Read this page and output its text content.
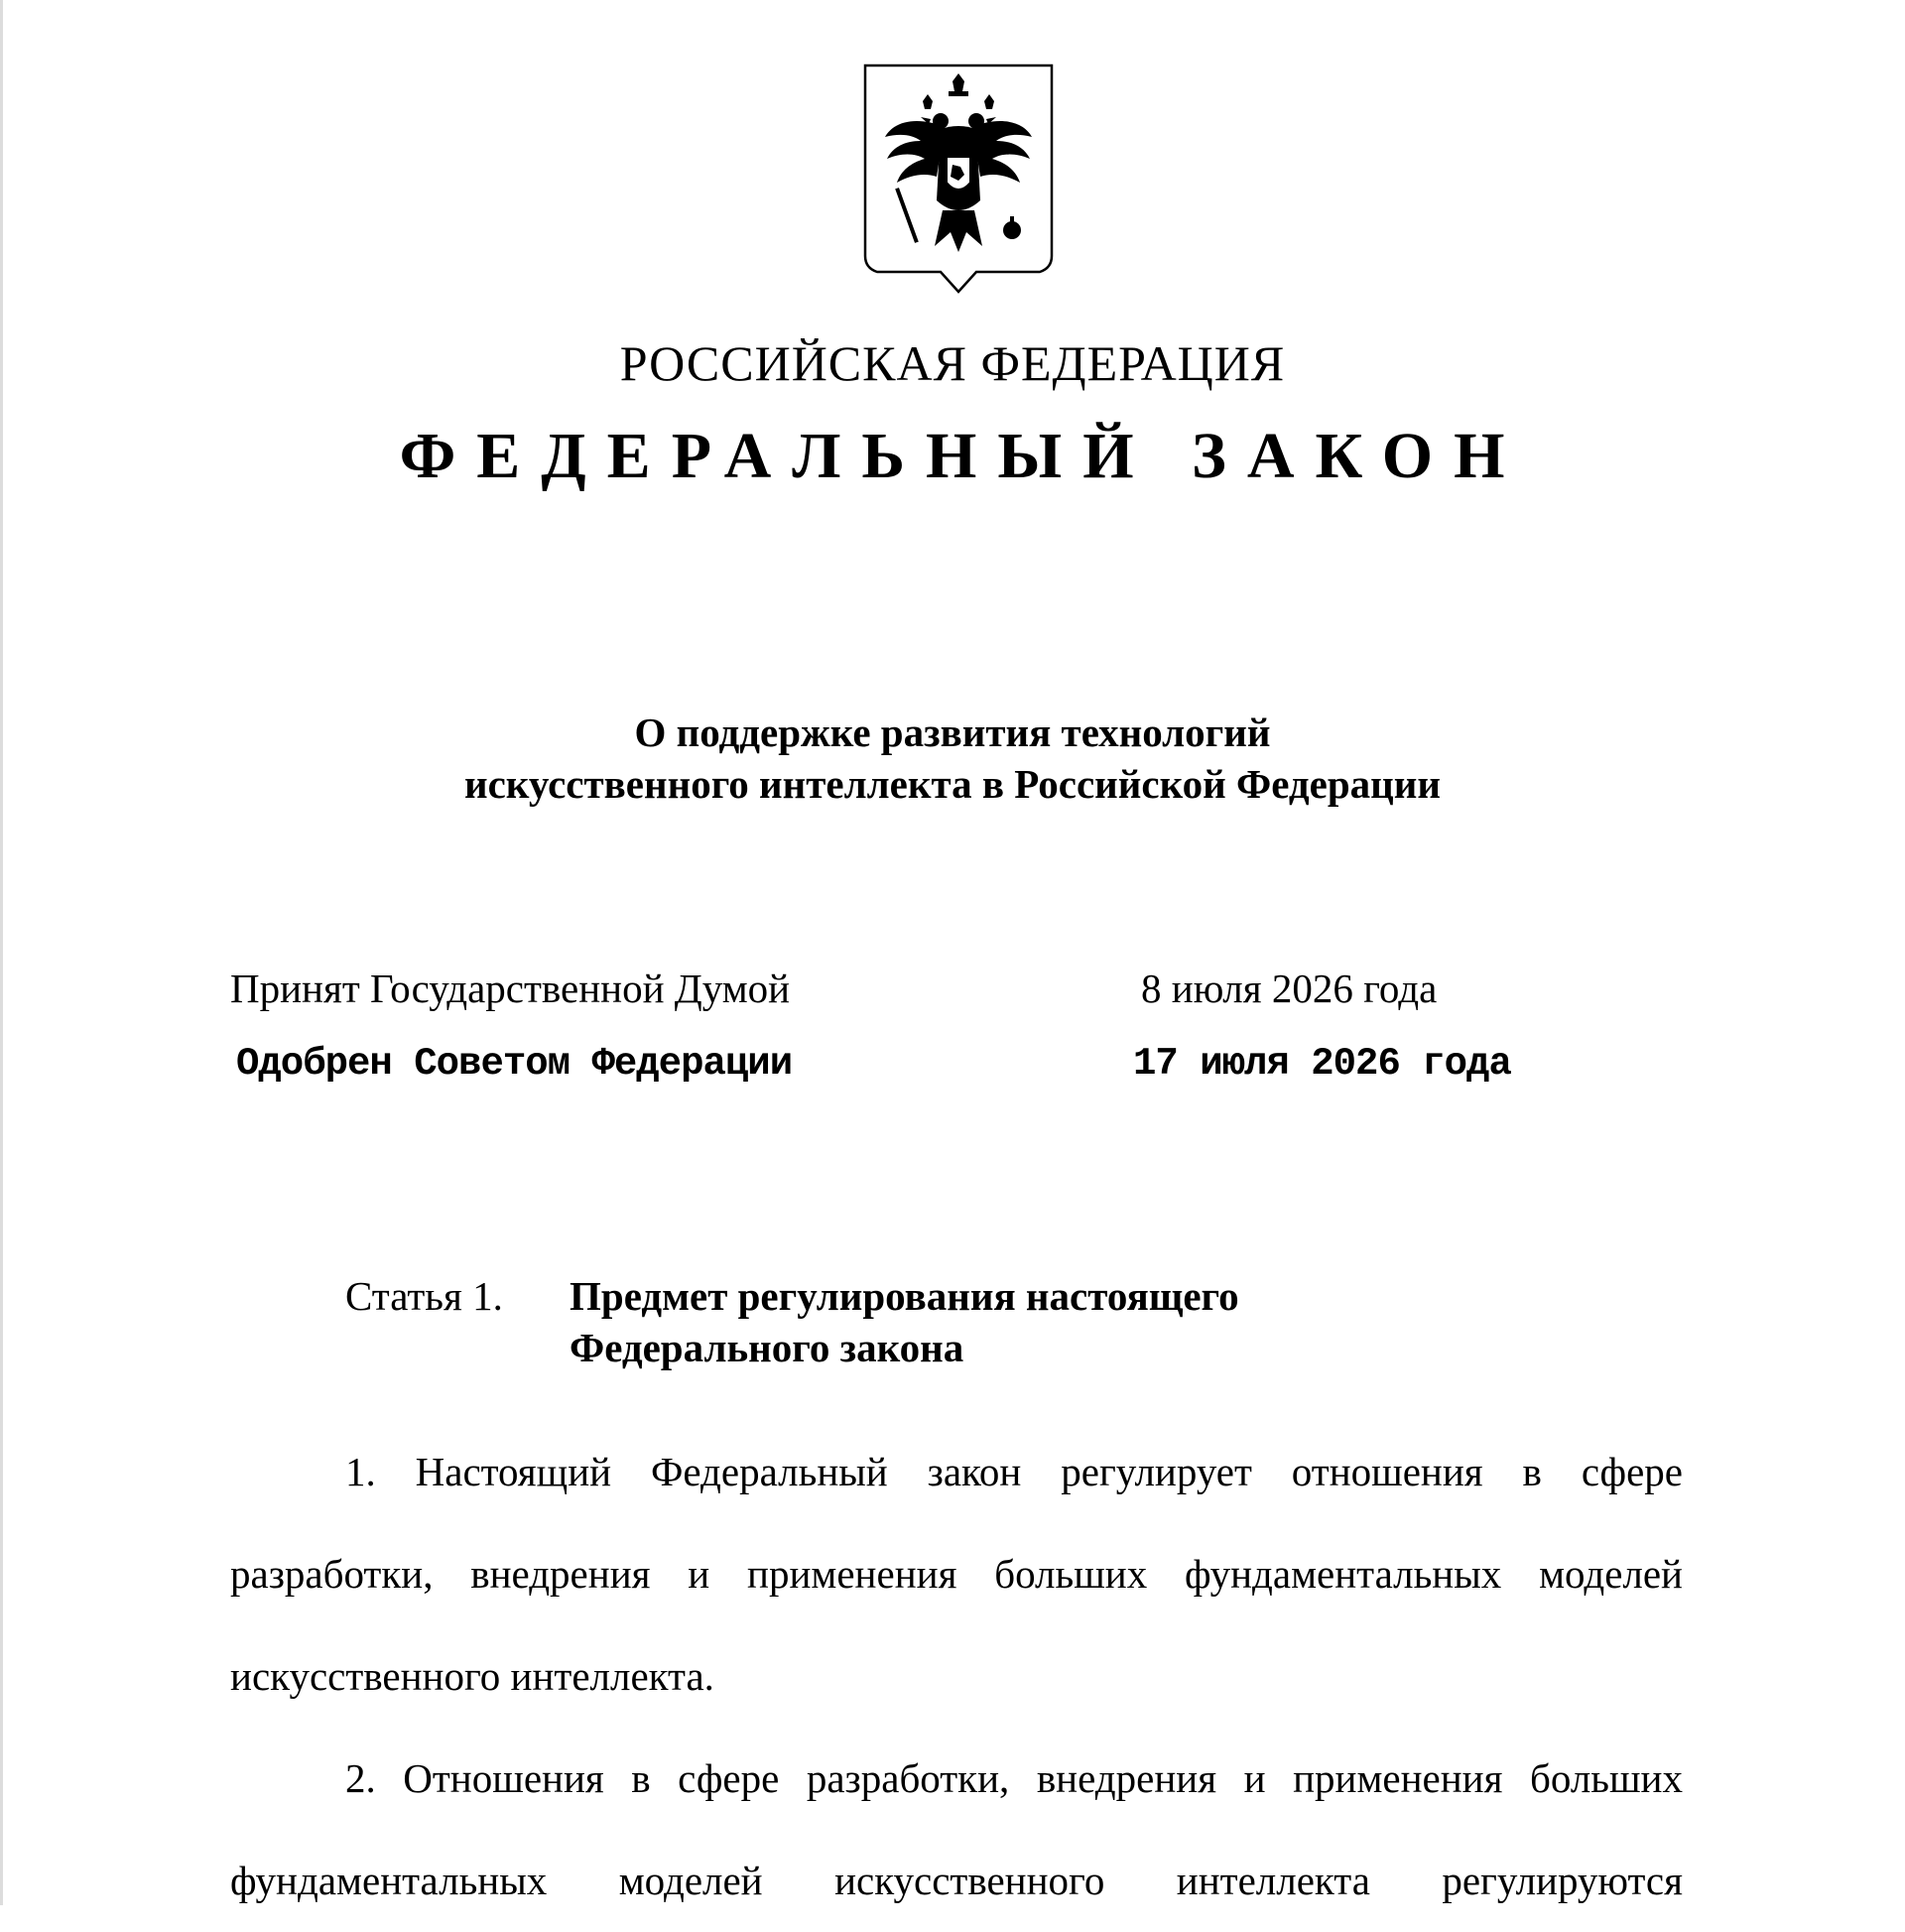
РОССИЙСКАЯ ФЕДЕРАЦИЯ
ФЕДЕРАЛЬНЫЙ ЗАКОН
О поддержке развития технологий
искусственного интеллекта в Российской Федерации
Принят Государственной Думой	8 июля 2026 года
Одобрен Советом Федерации	17 июля 2026 года
Статья 1. Предмет регулирования настоящего
Федерального закона
1. Настоящий Федеральный закон регулирует отношения в сфере
разработки, внедрения и применения больших фундаментальных моделей
искусственного интеллекта.
2. Отношения в сфере разработки, внедрения и применения больших
фундаментальных моделей искусственного интеллекта регулируются
